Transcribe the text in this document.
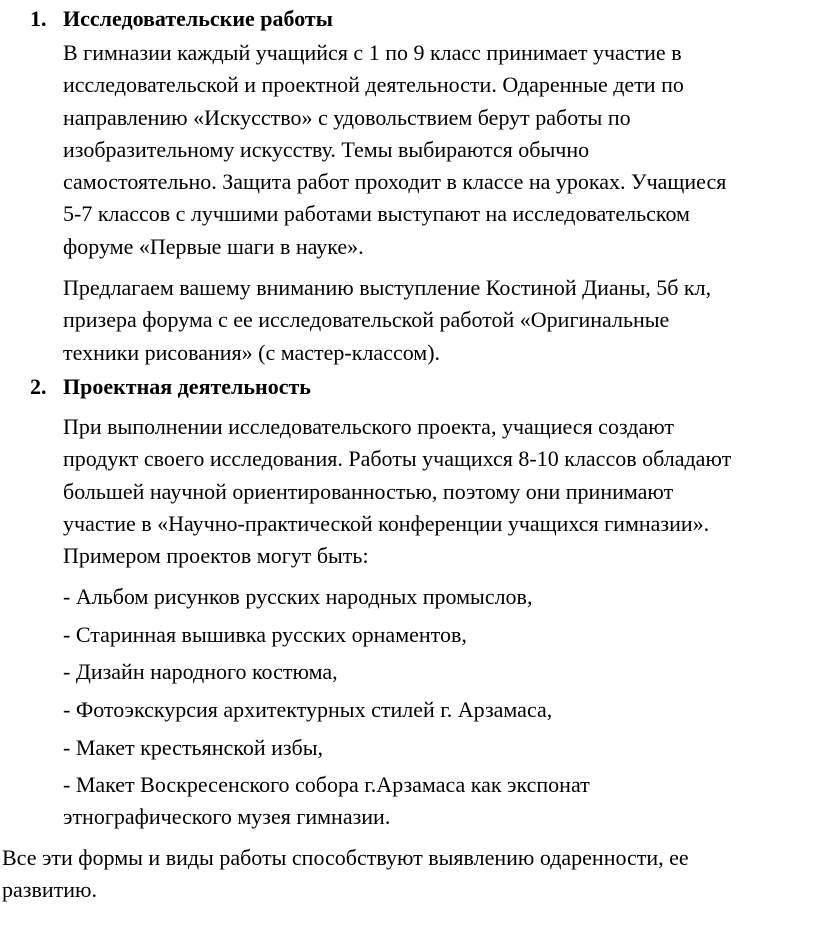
1. Исследовательские работы

В гимназии каждый учащийся с 1 по 9 класс принимает участие в
исследовательской и проектной деятельности. Одаренные дети по
направлению «Искусство» с удовольствием берут работы по
изобразительному искусству. Темы выбираются обычно
самостоятельно. Защита работ проходит в классе на уроках. Учащиеся
5-7 классов с лучшими работами выступают на исследовательском
форуме «Первые шаги в науке».

Предлагаем вашему вниманию выступление Костиной Дианы, 5б кл,
призера форума с ее исследовательской работой «Оригинальные
техники рисования» (с мастер-классом).

2. Проектная деятельность

При выполнении исследовательского проекта, учащиеся создают
продукт своего исследования. Работы учащихся 8-10 классов обладают
большей научной ориентированностью, поэтому они принимают
участие в «Научно-практической конференции учащихся гимназии».
Примером проектов могут быть:

- Альбом рисунков русских народных промыслов,

- Старинная вышивка русских орнаментов,

- Дизайн народного костюма,

- Фотоэкскурсия архитектурных стилей г. Арзамаса,

- Макет крестьянской избы,

- Макет Воскресенского собора г.Арзамаса как экспонат
этнографического музея гимназии.

Все эти формы и виды работы способствуют выявлению одаренности, ее
развитию.
